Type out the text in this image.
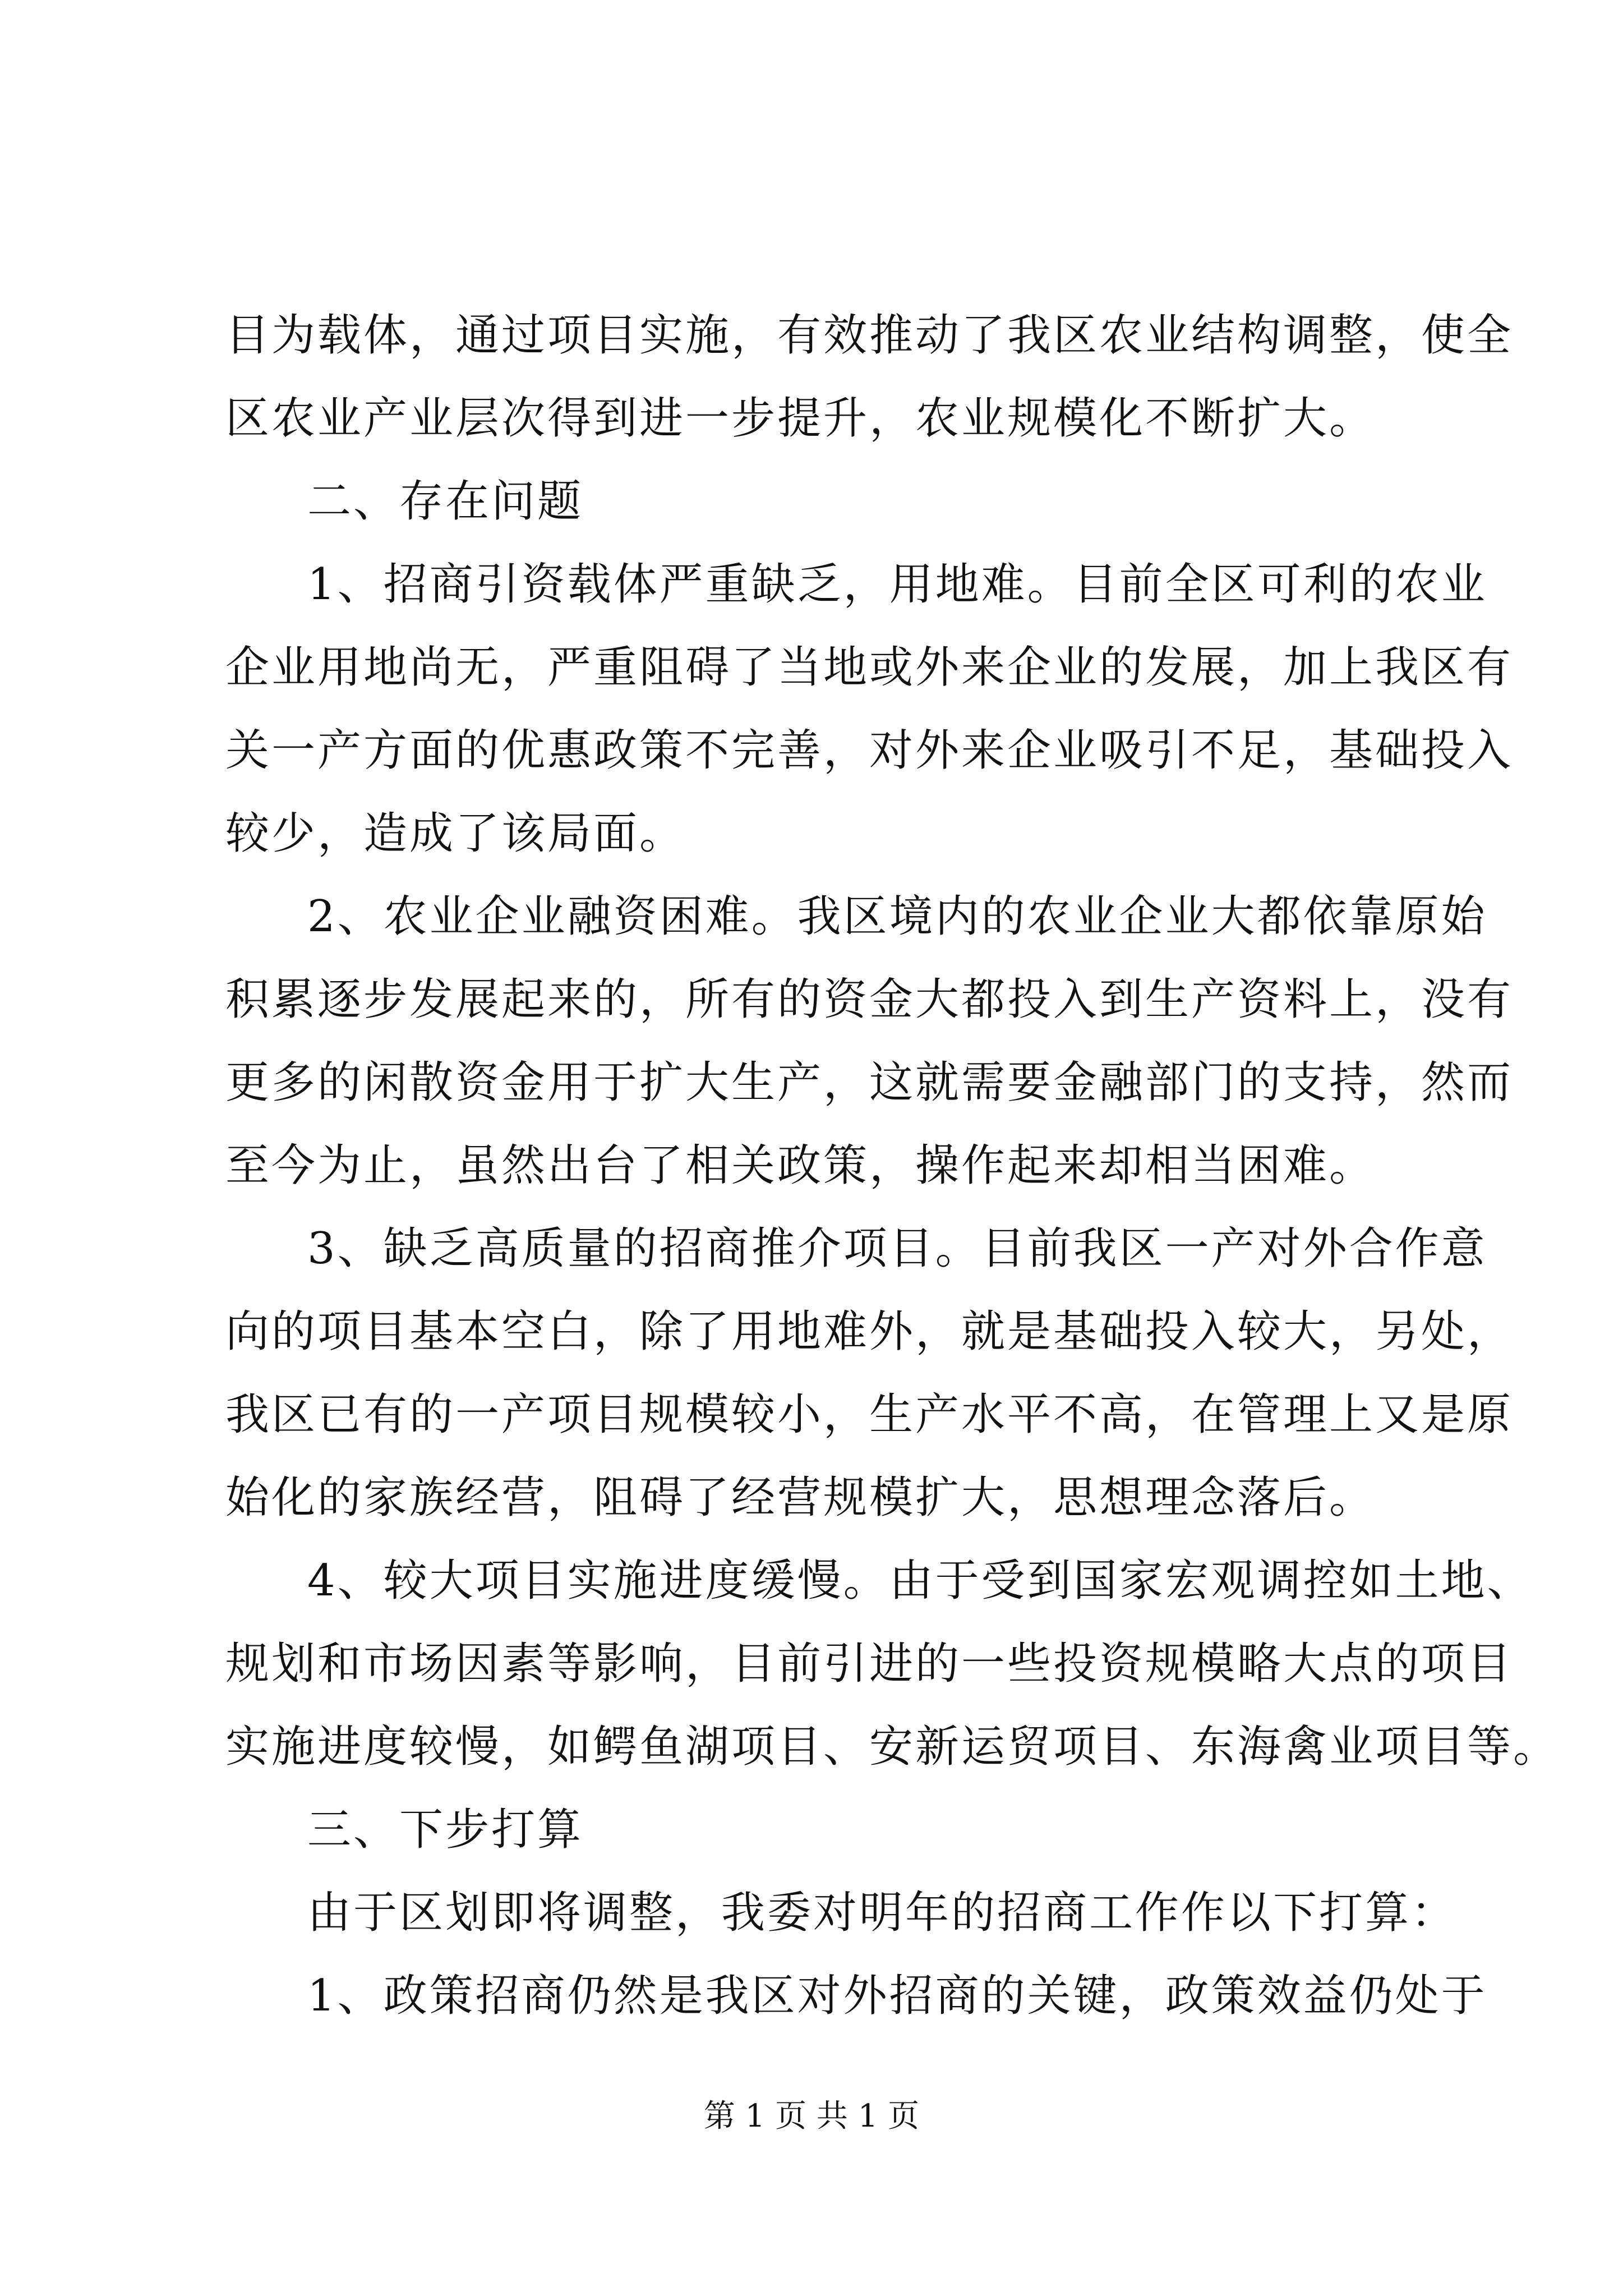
目为载体，通过项目实施，有效推动了我区农业结构调整，使全
区农业产业层次得到进一步提升，农业规模化不断扩大。
二、存在问题
1、招商引资载体严重缺乏，用地难。目前全区可利的农业
企业用地尚无，严重阻碍了当地或外来企业的发展，加上我区有
关一产方面的优惠政策不完善，对外来企业吸引不足，基础投入
较少，造成了该局面。
2、农业企业融资困难。我区境内的农业企业大都依靠原始
积累逐步发展起来的，所有的资金大都投入到生产资料上，没有
更多的闲散资金用于扩大生产，这就需要金融部门的支持，然而
至今为止，虽然出台了相关政策，操作起来却相当困难。
3、缺乏高质量的招商推介项目。目前我区一产对外合作意
向的项目基本空白，除了用地难外，就是基础投入较大，另处，
我区已有的一产项目规模较小，生产水平不高，在管理上又是原
始化的家族经营，阻碍了经营规模扩大，思想理念落后。
4、较大项目实施进度缓慢。由于受到国家宏观调控如土地、
规划和市场因素等影响，目前引进的一些投资规模略大点的项目
实施进度较慢，如鳄鱼湖项目、安新运贸项目、东海禽业项目等。
三、下步打算
由于区划即将调整，我委对明年的招商工作作以下打算：
1、政策招商仍然是我区对外招商的关键，政策效益仍处于
第 1 页 共 1 页
